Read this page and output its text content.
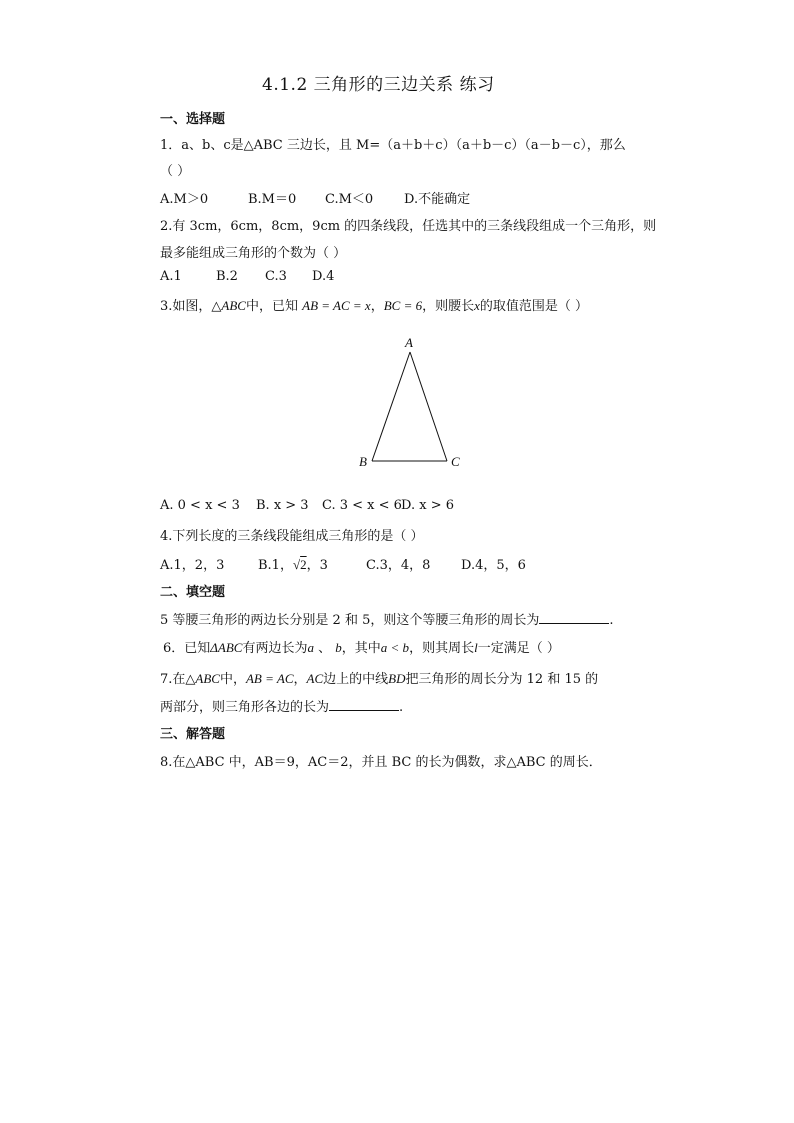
4.1.2 三角形的三边关系 练习
一、选择题
1．a、b、c是△ABC 三边长，且 M=（a＋b＋c）（a＋b－c）（a－b－c），那么
（ ）
A.M＞0	B.M＝0 C.M＜0 D.不能确定
2.有 3cm，6cm，8cm，9cm 的四条线段，任选其中的三条线段组成一个三角形，则
最多能组成三角形的个数为（ ）
A.1	B.2 C.3 D.4
3.如图，△ABC中，已知 AB = AC = x，BC = 6，则腰长x的取值范围是（ ）
A
B	C
A. 0 < x < 3 B. x > 3 C. 3 < x < 6 D. x > 6
4.下列长度的三条线段能组成三角形的是（ ）
A.1，2，3	B.1，√2，3	C.3，4，8 D.4，5，6
二、填空题
5 等腰三角形的两边长分别是 2 和 5，则这个等腰三角形的周长为	.
6．已知ΔABC有两边长为a 、 b，其中a < b，则其周长l一定满足（ ）
7.在△ABC中，AB = AC，AC边上的中线BD把三角形的周长分为 12 和 15 的
两部分，则三角形各边的长为	.
三、解答题
8.在△ABC 中，AB＝9，AC＝2，并且 BC 的长为偶数，求△ABC 的周长．
